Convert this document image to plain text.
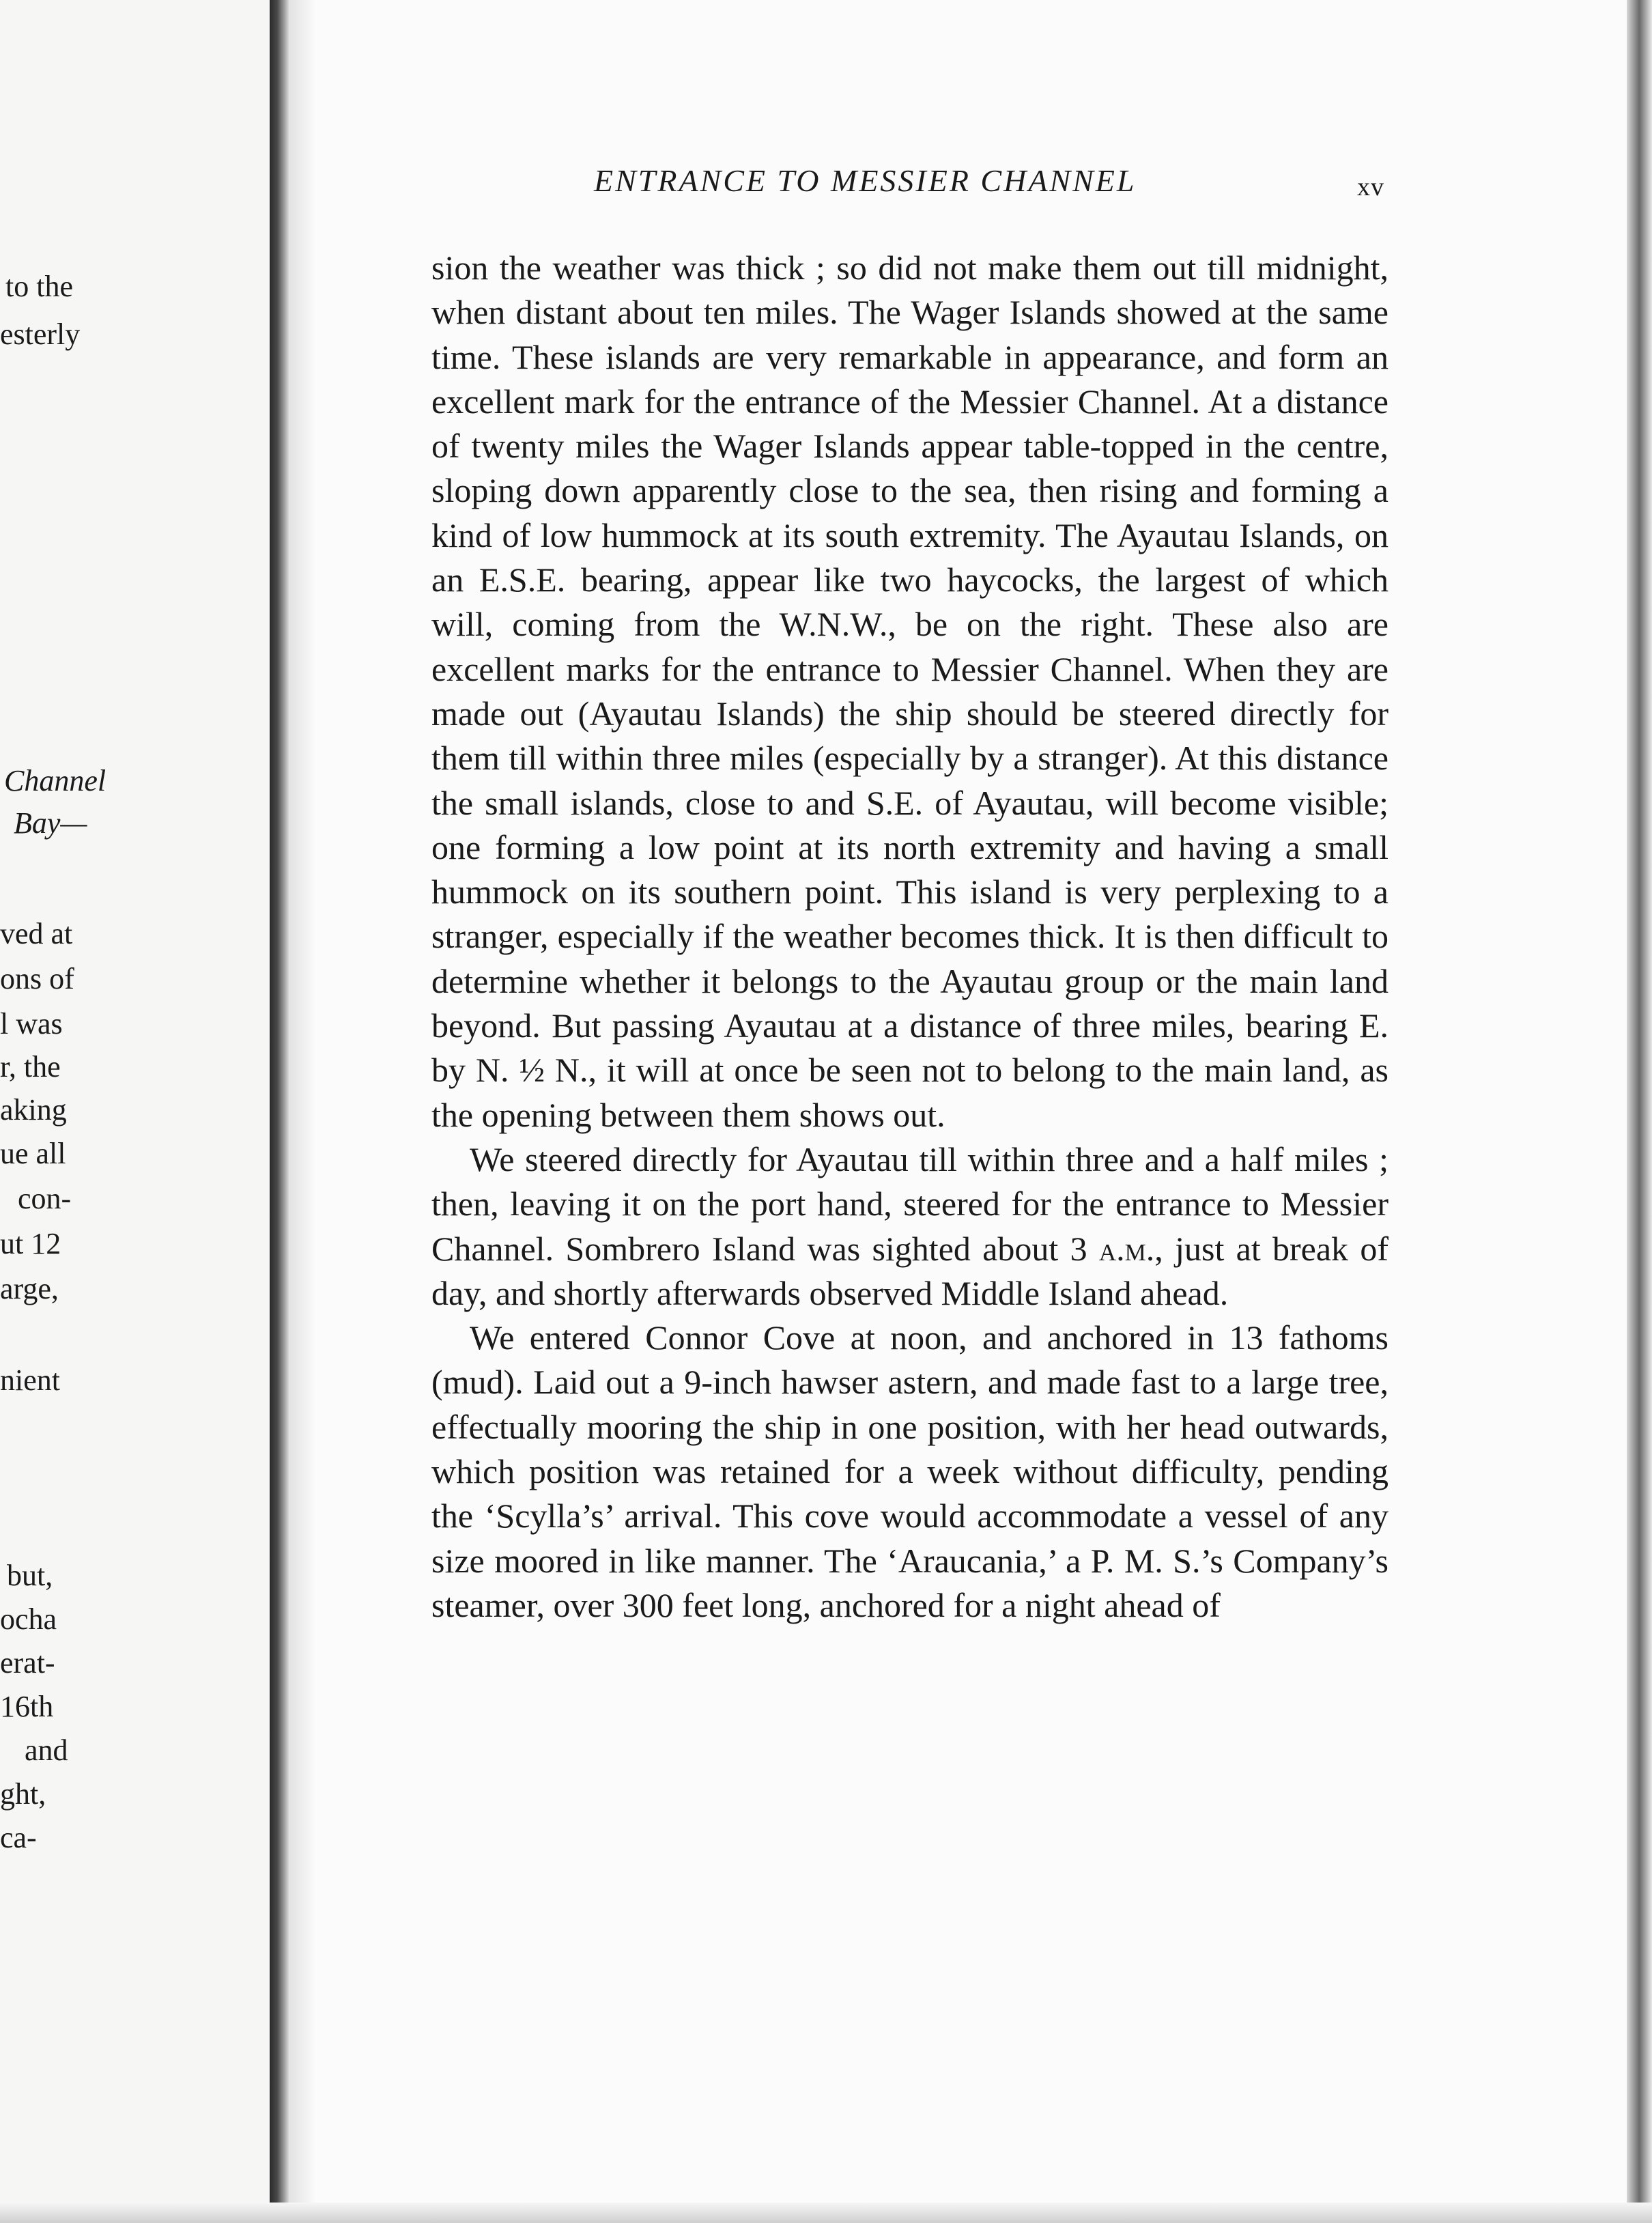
to the
esterly
Channel
Bay—
ved at
ons of
l was
r, the
aking
ue all
con-
ut 12
arge,
nient
but,
ocha
erat-
16th
and
ght,
ca-
ENTRANCE TO MESSIER CHANNEL	xv

sion the weather was thick ; so did not make them out till midnight, when distant about ten miles. The Wager Islands showed at the same time. These islands are very remarkable in appearance, and form an excellent mark for the entrance of the Messier Channel. At a distance of twenty miles the Wager Islands appear table-topped in the centre, sloping down apparently close to the sea, then rising and forming a kind of low hummock at its south extremity. The Ayautau Islands, on an E.S.E. bearing, appear like two haycocks, the largest of which will, coming from the W.N.W., be on the right. These also are excellent marks for the entrance to Messier Channel. When they are made out (Ayautau Islands) the ship should be steered directly for them till within three miles (especially by a stranger). At this distance the small islands, close to and S.E. of Ayautau, will become visible; one forming a low point at its north extremity and having a small hummock on its southern point. This island is very perplexing to a stranger, especially if the weather becomes thick. It is then difficult to determine whether it belongs to the Ayautau group or the main land beyond. But passing Ayautau at a distance of three miles, bearing E. by N. ½ N., it will at once be seen not to belong to the main land, as the opening between them shows out.

We steered directly for Ayautau till within three and a half miles ; then, leaving it on the port hand, steered for the entrance to Messier Channel. Sombrero Island was sighted about 3 a.m., just at break of day, and shortly afterwards observed Middle Island ahead.

We entered Connor Cove at noon, and anchored in 13 fathoms (mud). Laid out a 9-inch hawser astern, and made fast to a large tree, effectually mooring the ship in one position, with her head outwards, which position was retained for a week without difficulty, pending the ‘Scylla’s’ arrival. This cove would accommodate a vessel of any size moored in like manner. The ‘Araucania,’ a P. M. S.’s Company’s steamer, over 300 feet long, anchored for a night ahead of
